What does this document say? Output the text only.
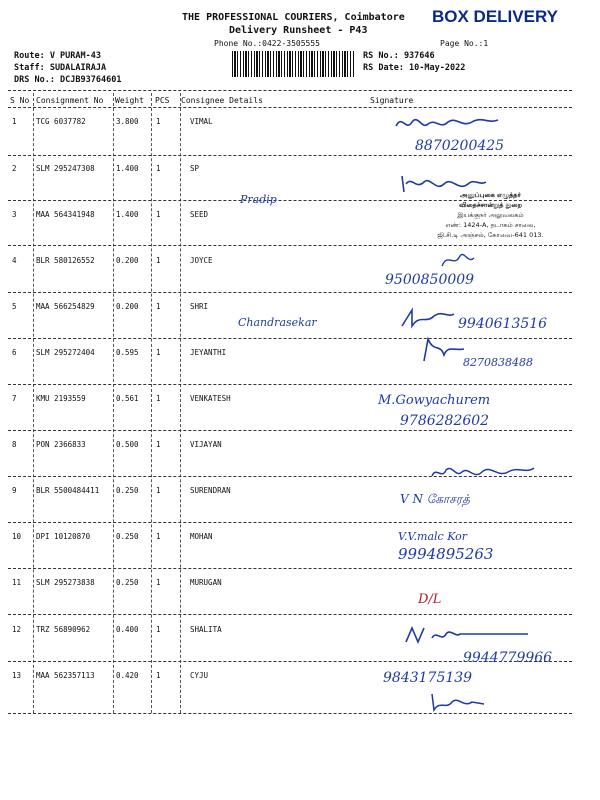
THE PROFESSIONAL COURIERS, Coimbatore BOX DELIVERY
Delivery Runsheet - P43
Phone No.:0422-3505555	Page No.:1
Route: V PURAM-43
Staff: SUDALAIRAJA
DRS No.: DCJB93764601
RS No.: 937646
RS Date: 10-May-2022
S No Consignment No Weight PCS Consignee Details	Signature
1	TCG 6037782	3.800 1	VIMAL
2	SLM 295247308	1.400 1	SP
3	MAA 564341948	1.400 1	SEED
4	BLR 580126552	0.200 1	JOYCE
5	MAA 566254829	0.200 1	SHRI
6	SLM 295272404	0.595 1	JEYANTHI
7	KMU 2193559	0.561 1	VENKATESH
8	PON 2366833	0.500 1	VIJAYAN
9	BLR 5500484411 0.250 1	SURENDRAN
10 DPI 10120870	0.250 1	MOHAN
11 SLM 295273838	0.250 1	MURUGAN
12 TRZ 56890962	0.400 1	SHALITA
13 MAA 562357113	0.420 1	CYJU
8870200425
Pradip	அனுப்புகை எழுத்தர்
விதைச்சான்றுத் துறை
இயக்குநர் அலுவலகம்
எண்: 1424-A, தடாகம் சாலை,
ஜி.சி.டி அஞ்சல், கோவை-641 013.
9500850009
Chandrasekar	9940613516
8270838488
M.Gowyachurem
9786282602
V N கோசரத்
V.V.malc Kor
9994895263
D/L
9944779966
9843175139
